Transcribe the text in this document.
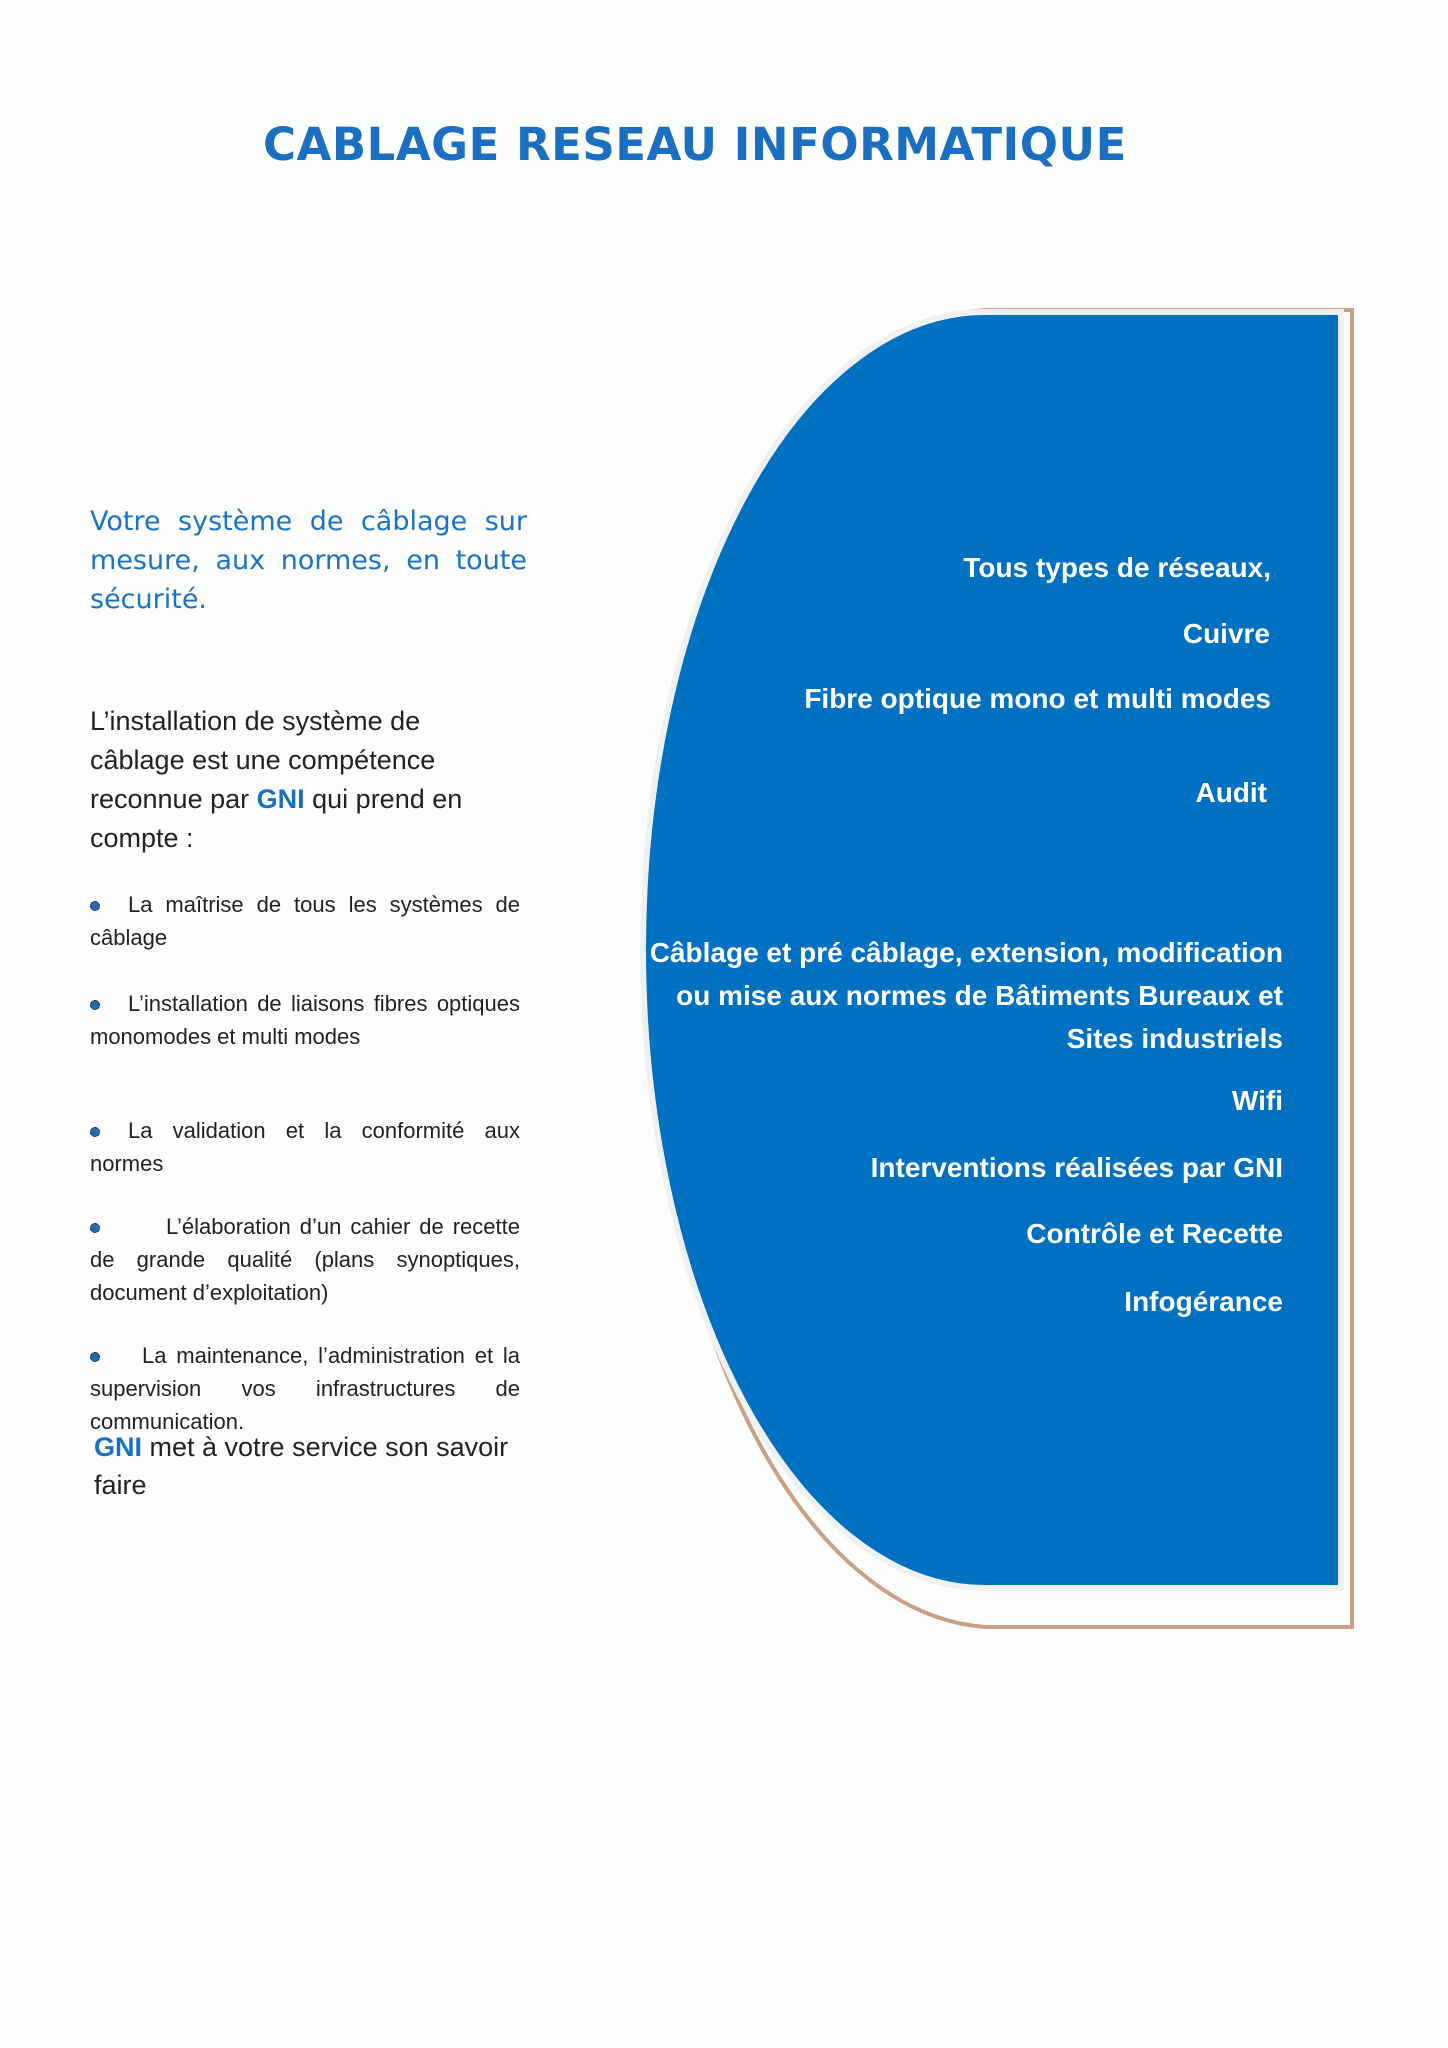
CABLAGE RESEAU INFORMATIQUE

Votre système de câblage sur mesure, aux normes, en toute sécurité.

L’installation de système de câblage est une compétence reconnue par GNI qui prend en compte :

La maîtrise de tous les systèmes de câblage
L’installation de liaisons fibres optiques monomodes et multi modes
La validation et la conformité aux normes
L’élaboration d’un cahier de recette de grande qualité (plans synoptiques, document d’exploitation)
La maintenance, l’administration et la supervision vos infrastructures de communication.

GNI met à votre service son savoir faire

Tous types de réseaux,
Cuivre
Fibre optique mono et multi modes
Audit
Câblage et pré câblage, extension, modification ou mise aux normes de Bâtiments Bureaux et Sites industriels
Wifi
Interventions réalisées par GNI
Contrôle et Recette
Infogérance
